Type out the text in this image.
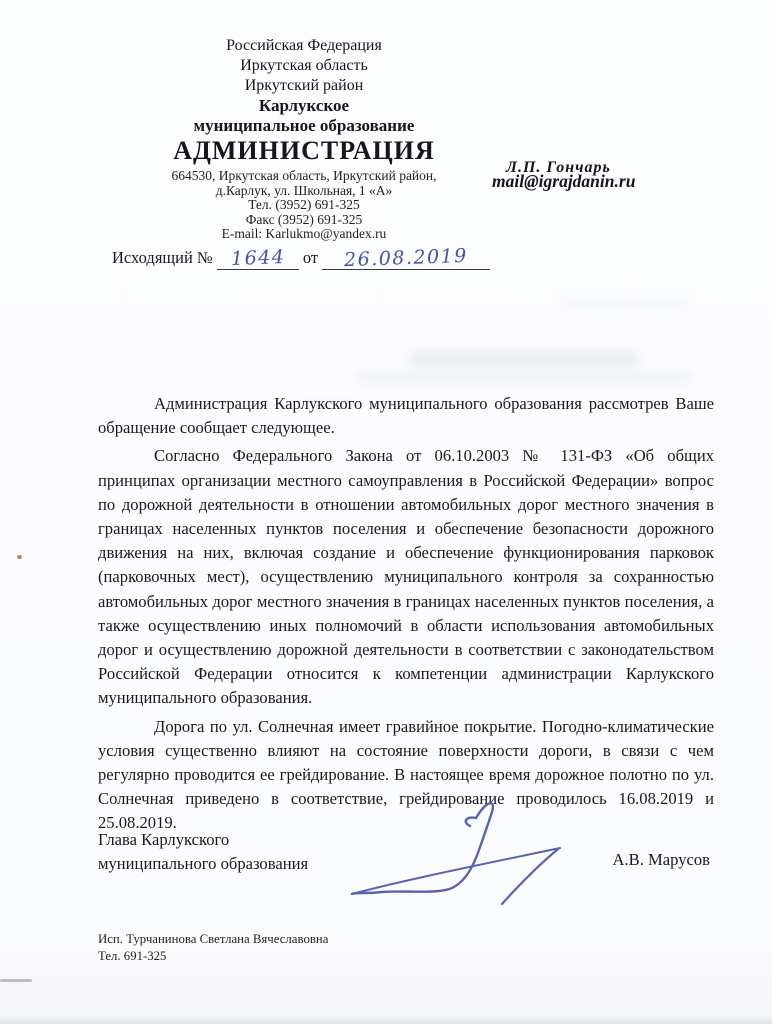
Российская Федерация
Иркутская область
Иркутский район
Карлукское
муниципальное образование
АДМИНИСТРАЦИЯ
664530, Иркутская область, Иркутский район,
д.Карлук, ул. Школьная, 1 «А»
Тел. (3952) 691-325
Факс (3952) 691-325
E-mail: Karlukmo@yandex.ru
Л.П. Гончарь
mail@igrajdanin.ru
Исходящий № 1644 от 26.08.2019

Администрация Карлукского муниципального образования рассмотрев Ваше обращение сообщает следующее.

Согласно Федерального Закона от 06.10.2003 № 131-ФЗ «Об общих принципах организации местного самоуправления в Российской Федерации» вопрос по дорожной деятельности в отношении автомобильных дорог местного значения в границах населенных пунктов поселения и обеспечение безопасности дорожного движения на них, включая создание и обеспечение функционирования парковок (парковочных мест), осуществлению муниципального контроля за сохранностью автомобильных дорог местного значения в границах населенных пунктов поселения, а также осуществлению иных полномочий в области использования автомобильных дорог и осуществлению дорожной деятельности в соответствии с законодательством Российской Федерации относится к компетенции администрации Карлукского муниципального образования.

Дорога по ул. Солнечная имеет гравийное покрытие. Погодно-климатические условия существенно влияют на состояние поверхности дороги, в связи с чем регулярно проводится ее грейдирование. В настоящее время дорожное полотно по ул. Солнечная приведено в соответствие, грейдирование проводилось 16.08.2019 и 25.08.2019.

Глава Карлукского
муниципального образования	А.В. Марусов
Исп. Турчанинова Светлана Вячеславовна
Тел. 691-325
